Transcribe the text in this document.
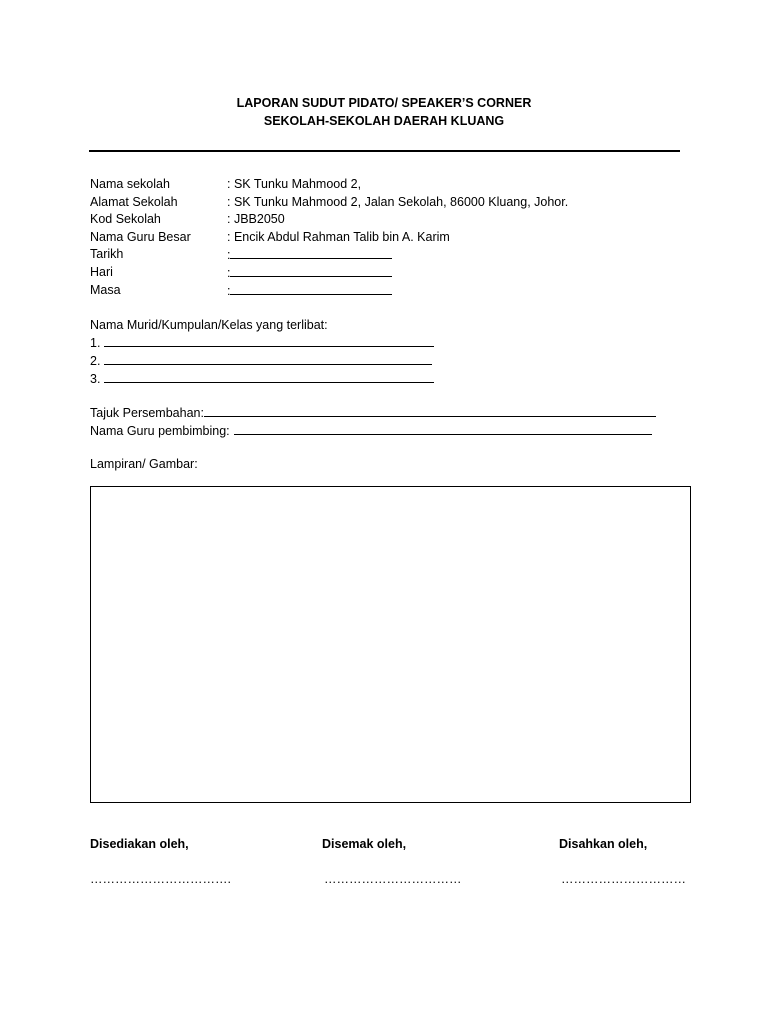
LAPORAN SUDUT PIDATO/ SPEAKER’S CORNER
SEKOLAH-SEKOLAH DAERAH KLUANG
Nama sekolah	: SK Tunku Mahmood 2,
Alamat Sekolah	: SK Tunku Mahmood 2, Jalan Sekolah, 86000 Kluang, Johor.
Kod Sekolah	: JBB2050
Nama Guru Besar	: Encik Abdul Rahman Talib bin A. Karim
Tarikh	:
Hari	:
Masa	:
Nama Murid/Kumpulan/Kelas yang terlibat:
1.
2.
3.
Tajuk Persembahan:
Nama Guru pembimbing:
Lampiran/ Gambar:
Disediakan oleh,	Disemak oleh,	Disahkan oleh,
…………………………….	……………………………	…………………………
